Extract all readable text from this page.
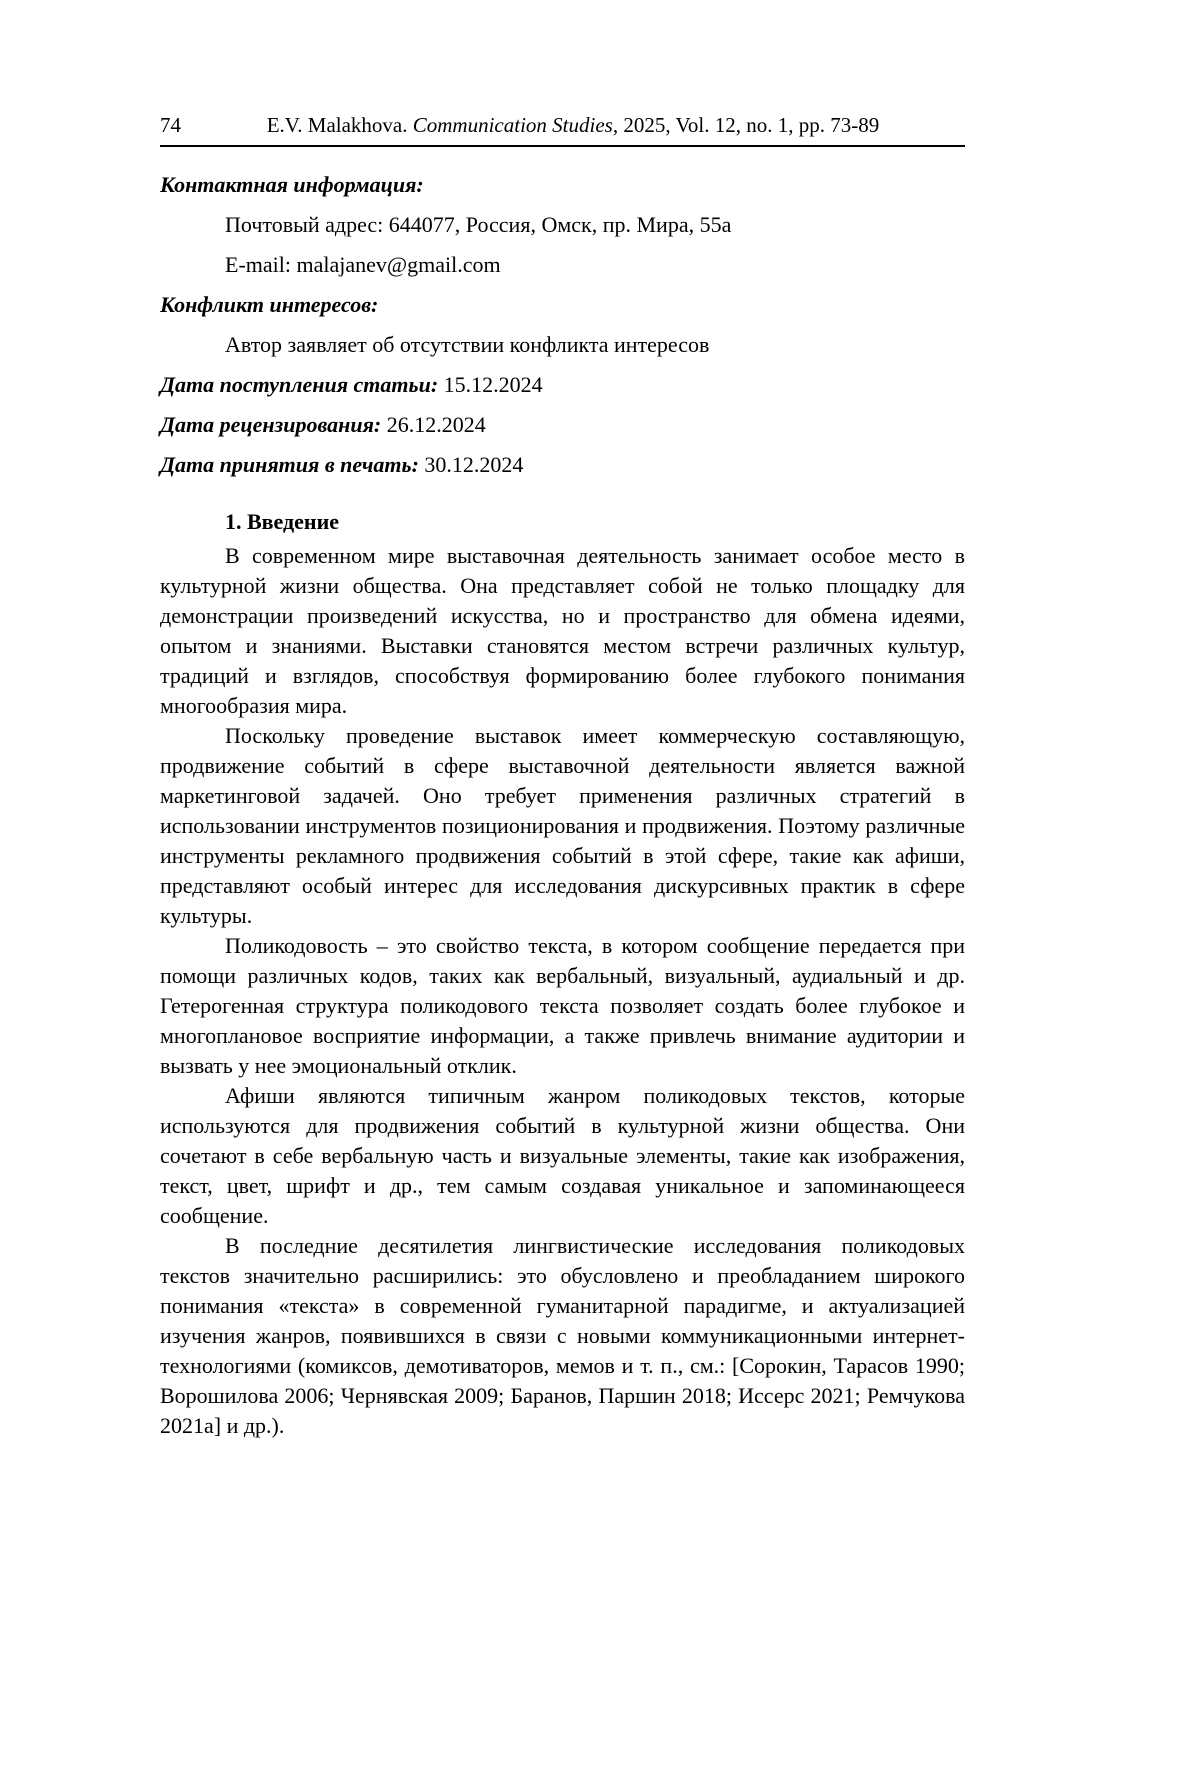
74	E.V. Malakhova. Communication Studies, 2025, Vol. 12, no. 1, pp. 73-89

Контактная информация:

Почтовый адрес: 644077, Россия, Омск, пр. Мира, 55а

E-mail: malajanev@gmail.com

Конфликт интересов:

Автор заявляет об отсутствии конфликта интересов

Дата поступления статьи: 15.12.2024

Дата рецензирования: 26.12.2024

Дата принятия в печать: 30.12.2024

1. Введение

В современном мире выставочная деятельность занимает особое место в культурной жизни общества. Она представляет собой не только площадку для демонстрации произведений искусства, но и пространство для обмена идеями, опытом и знаниями. Выставки становятся местом встречи различных культур, традиций и взглядов, способствуя формированию более глубокого понимания многообразия мира.

Поскольку проведение выставок имеет коммерческую составляющую, продвижение событий в сфере выставочной деятельности является важной маркетинговой задачей. Оно требует применения различных стратегий в использовании инструментов позиционирования и продвижения. Поэтому различные инструменты рекламного продвижения событий в этой сфере, такие как афиши, представляют особый интерес для исследования дискурсивных практик в сфере культуры.

Поликодовость – это свойство текста, в котором сообщение передается при помощи различных кодов, таких как вербальный, визуальный, аудиальный и др. Гетерогенная структура поликодового текста позволяет создать более глубокое и многоплановое восприятие информации, а также привлечь внимание аудитории и вызвать у нее эмоциональный отклик.

Афиши являются типичным жанром поликодовых текстов, которые используются для продвижения событий в культурной жизни общества. Они сочетают в себе вербальную часть и визуальные элементы, такие как изображения, текст, цвет, шрифт и др., тем самым создавая уникальное и запоминающееся сообщение.

В последние десятилетия лингвистические исследования поликодовых текстов значительно расширились: это обусловлено и преобладанием широкого понимания «текста» в современной гуманитарной парадигме, и актуализацией изучения жанров, появившихся в связи с новыми коммуникационными интернет-технологиями (комиксов, демотиваторов, мемов и т. п., см.: [Сорокин, Тарасов 1990; Ворошилова 2006; Чернявская 2009; Баранов, Паршин 2018; Иссерс 2021; Ремчукова 2021а] и др.).
